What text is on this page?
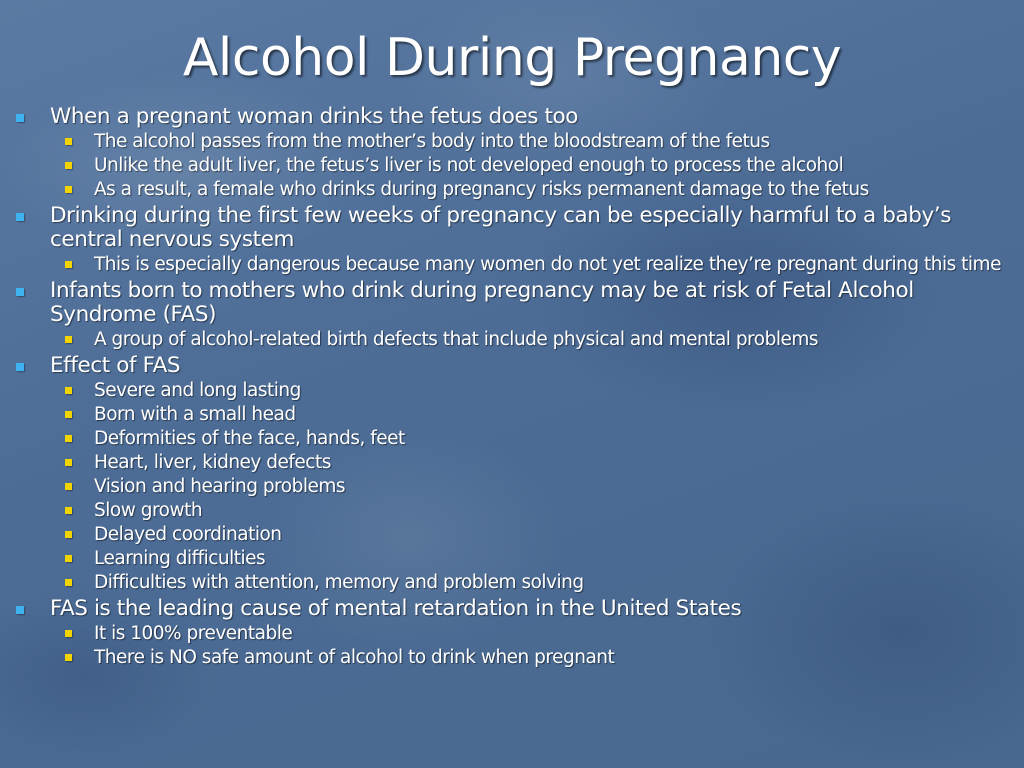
Alcohol During Pregnancy
When a pregnant woman drinks the fetus does too
The alcohol passes from the mother’s body into the bloodstream of the fetus
Unlike the adult liver, the fetus’s liver is not developed enough to process the alcohol
As a result, a female who drinks during pregnancy risks permanent damage to the fetus
Drinking during the first few weeks of pregnancy can be especially harmful to a baby’s central nervous system
This is especially dangerous because many women do not yet realize they’re pregnant during this time
Infants born to mothers who drink during pregnancy may be at risk of Fetal Alcohol Syndrome (FAS)
A group of alcohol-related birth defects that include physical and mental problems
Effect of FAS
Severe and long lasting
Born with a small head
Deformities of the face, hands, feet
Heart, liver, kidney defects
Vision and hearing problems
Slow growth
Delayed coordination
Learning difficulties
Difficulties with attention, memory and problem solving
FAS is the leading cause of mental retardation in the United States
It is 100% preventable
There is NO safe amount of alcohol to drink when pregnant
